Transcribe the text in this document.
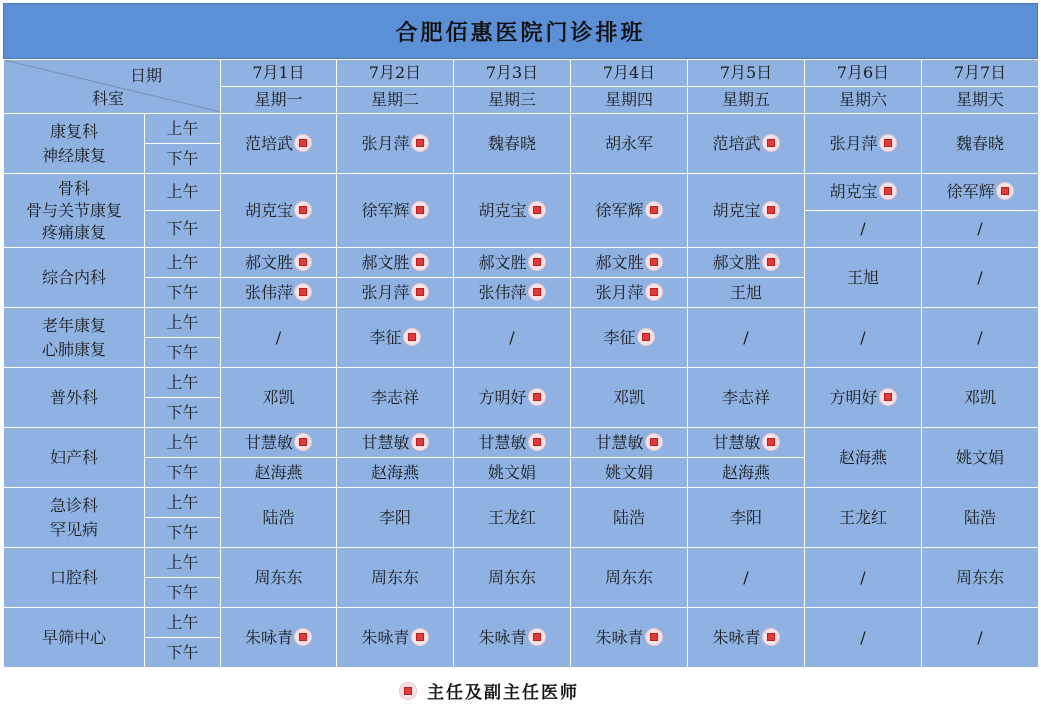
合肥佰惠医院门诊排班
日期
科室		7月1日	7月2日	7月3日	7月4日	7月5日	7月6日	7月7日
		星期一	星期二	星期三	星期四	星期五	星期六	星期天

康复科
神经康复	上午	范培武	张月萍	魏春晓	胡永军	范培武	张月萍	魏春晓
	下午							

骨科
骨与关节康复
疼痛康复	上午	胡克宝	徐军辉	胡克宝	徐军辉	胡克宝	胡克宝	徐军辉
	下午						/	/

综合内科	上午	郝文胜	郝文胜	郝文胜	郝文胜	郝文胜	王旭	/
	下午	张伟萍	张月萍	张伟萍	张月萍	王旭		

老年康复
心肺康复	上午	/	李征	/	李征	/	/	/
	下午							

普外科	上午	邓凯	李志祥	方明好	邓凯	李志祥	方明好	邓凯
	下午							

妇产科	上午	甘慧敏	甘慧敏	甘慧敏	甘慧敏	甘慧敏	赵海燕	姚文娟
	下午	赵海燕	赵海燕	姚文娟	姚文娟	赵海燕		

急诊科
罕见病	上午	陆浩	李阳	王龙红	陆浩	李阳	王龙红	陆浩
	下午							

口腔科	上午	周东东	周东东	周东东	周东东	/	/	周东东
	下午							

早筛中心	上午	朱咏青	朱咏青	朱咏青	朱咏青	朱咏青	/	/
	下午							
主任及副主任医师
